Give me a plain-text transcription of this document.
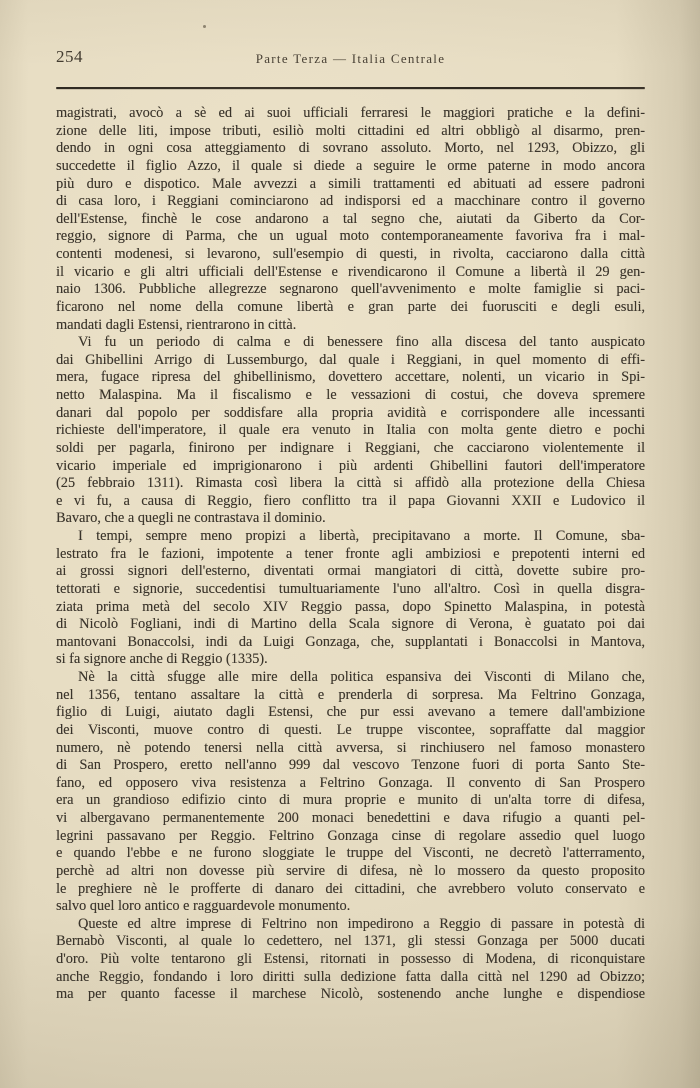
254	Parte Terza — Italia Centrale
magistrati, avocò a sè ed ai suoi ufficiali ferraresi le maggiori pratiche e la defini-
zione delle liti, impose tributi, esiliò molti cittadini ed altri obbligò al disarmo, pren-
dendo in ogni cosa atteggiamento di sovrano assoluto. Morto, nel 1293, Obizzo, gli
succedette il figlio Azzo, il quale si diede a seguire le orme paterne in modo ancora
più duro e dispotico. Male avvezzi a simili trattamenti ed abituati ad essere padroni
di casa loro, i Reggiani cominciarono ad indisporsi ed a macchinare contro il governo
dell'Estense, finchè le cose andarono a tal segno che, aiutati da Giberto da Cor-
reggio, signore di Parma, che un ugual moto contemporaneamente favoriva fra i mal-
contenti modenesi, si levarono, sull'esempio di questi, in rivolta, cacciarono dalla città
il vicario e gli altri ufficiali dell'Estense e rivendicarono il Comune a libertà il 29 gen-
naio 1306. Pubbliche allegrezze segnarono quell'avvenimento e molte famiglie si paci-
ficarono nel nome della comune libertà e gran parte dei fuorusciti e degli esuli,
mandati dagli Estensi, rientrarono in città.
Vi fu un periodo di calma e di benessere fino alla discesa del tanto auspicato
dai Ghibellini Arrigo di Lussemburgo, dal quale i Reggiani, in quel momento di effi-
mera, fugace ripresa del ghibellinismo, dovettero accettare, nolenti, un vicario in Spi-
netto Malaspina. Ma il fiscalismo e le vessazioni di costui, che doveva spremere
danari dal popolo per soddisfare alla propria avidità e corrispondere alle incessanti
richieste dell'imperatore, il quale era venuto in Italia con molta gente dietro e pochi
soldi per pagarla, finirono per indignare i Reggiani, che cacciarono violentemente il
vicario imperiale ed imprigionarono i più ardenti Ghibellini fautori dell'imperatore
(25 febbraio 1311). Rimasta così libera la città si affidò alla protezione della Chiesa
e vi fu, a causa di Reggio, fiero conflitto tra il papa Giovanni XXII e Ludovico il
Bavaro, che a quegli ne contrastava il dominio.
I tempi, sempre meno propizi a libertà, precipitavano a morte. Il Comune, sba-
lestrato fra le fazioni, impotente a tener fronte agli ambiziosi e prepotenti interni ed
ai grossi signori dell'esterno, diventati ormai mangiatori di città, dovette subire pro-
tettorati e signorie, succedentisi tumultuariamente l'uno all'altro. Così in quella disgra-
ziata prima metà del secolo XIV Reggio passa, dopo Spinetto Malaspina, in potestà
di Nicolò Fogliani, indi di Martino della Scala signore di Verona, è guatato poi dai
mantovani Bonaccolsi, indi da Luigi Gonzaga, che, supplantati i Bonaccolsi in Mantova,
si fa signore anche di Reggio (1335).
Nè la città sfugge alle mire della politica espansiva dei Visconti di Milano che,
nel 1356, tentano assaltare la città e prenderla di sorpresa. Ma Feltrino Gonzaga,
figlio di Luigi, aiutato dagli Estensi, che pur essi avevano a temere dall'ambizione
dei Visconti, muove contro di questi. Le truppe viscontee, sopraffatte dal maggior
numero, nè potendo tenersi nella città avversa, si rinchiusero nel famoso monastero
di San Prospero, eretto nell'anno 999 dal vescovo Tenzone fuori di porta Santo Ste-
fano, ed opposero viva resistenza a Feltrino Gonzaga. Il convento di San Prospero
era un grandioso edifizio cinto di mura proprie e munito di un'alta torre di difesa,
vi albergavano permanentemente 200 monaci benedettini e dava rifugio a quanti pel-
legrini passavano per Reggio. Feltrino Gonzaga cinse di regolare assedio quel luogo
e quando l'ebbe e ne furono sloggiate le truppe del Visconti, ne decretò l'atterramento,
perchè ad altri non dovesse più servire di difesa, nè lo mossero da questo proposito
le preghiere nè le profferte di danaro dei cittadini, che avrebbero voluto conservato e
salvo quel loro antico e ragguardevole monumento.
Queste ed altre imprese di Feltrino non impedirono a Reggio di passare in potestà di
Bernabò Visconti, al quale lo cedettero, nel 1371, gli stessi Gonzaga per 5000 ducati
d'oro. Più volte tentarono gli Estensi, ritornati in possesso di Modena, di riconquistare
anche Reggio, fondando i loro diritti sulla dedizione fatta dalla città nel 1290 ad Obizzo;
ma per quanto facesse il marchese Nicolò, sostenendo anche lunghe e dispendiose
